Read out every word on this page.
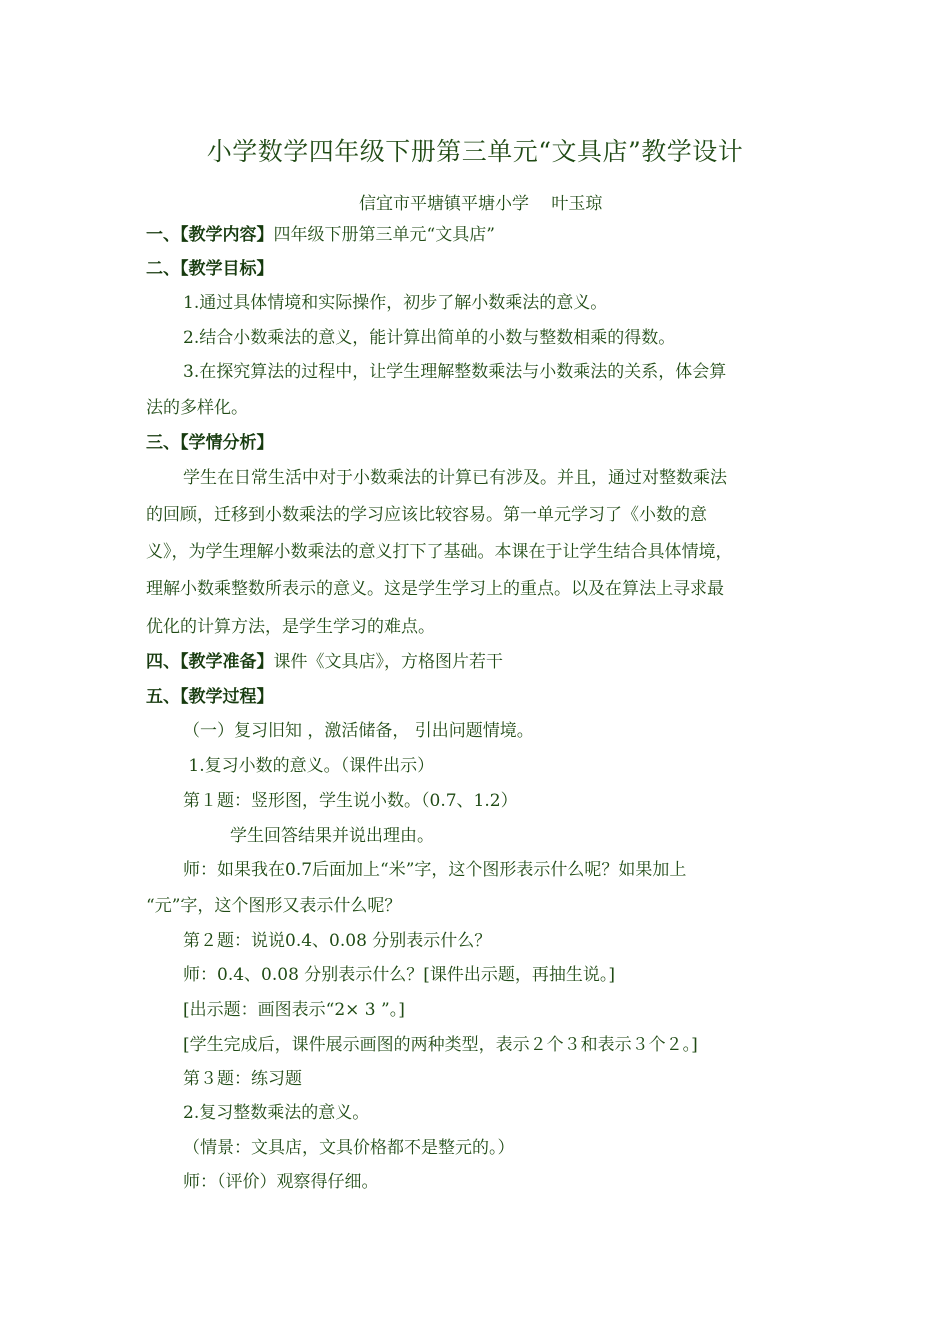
小学数学四年级下册第三单元“文具店”教学设计
信宜市平塘镇平塘小学　 叶玉琼
一、【教学内容】四年级下册第三单元“文具店”
二、【教学目标】
1.通过具体情境和实际操作，初步了解小数乘法的意义。
2.结合小数乘法的意义，能计算出简单的小数与整数相乘的得数。
3.在探究算法的过程中，让学生理解整数乘法与小数乘法的关系，体会算
法的多样化。
三、【学情分析】
学生在日常生活中对于小数乘法的计算已有涉及。并且，通过对整数乘法
的回顾，迁移到小数乘法的学习应该比较容易。第一单元学习了《小数的意
义》，为学生理解小数乘法的意义打下了基础。本课在于让学生结合具体情境，
理解小数乘整数所表示的意义。这是学生学习上的重点。以及在算法上寻求最
优化的计算方法，是学生学习的难点。
四、【教学准备】课件《文具店》，方格图片若干
五、【教学过程】
（一）复习旧知 ，激活储备， 引出问题情境。
1.复习小数的意义。（课件出示）
第１题：竖形图，学生说小数。（0.7、1.2）
学生回答结果并说出理由。
师：如果我在0.7后面加上“米”字，这个图形表示什么呢？如果加上
“元”字，这个图形又表示什么呢？
第２题：说说0.4、0.08 分别表示什么？
师：0.4、0.08 分别表示什么？[课件出示题，再抽生说。]
[出示题：画图表示“2× 3 ”。]
[学生完成后，课件展示画图的两种类型，表示２个３和表示３个２。]
第３题：练习题
2.复习整数乘法的意义。
（情景：文具店，文具价格都不是整元的。）
师：（评价）观察得仔细。
